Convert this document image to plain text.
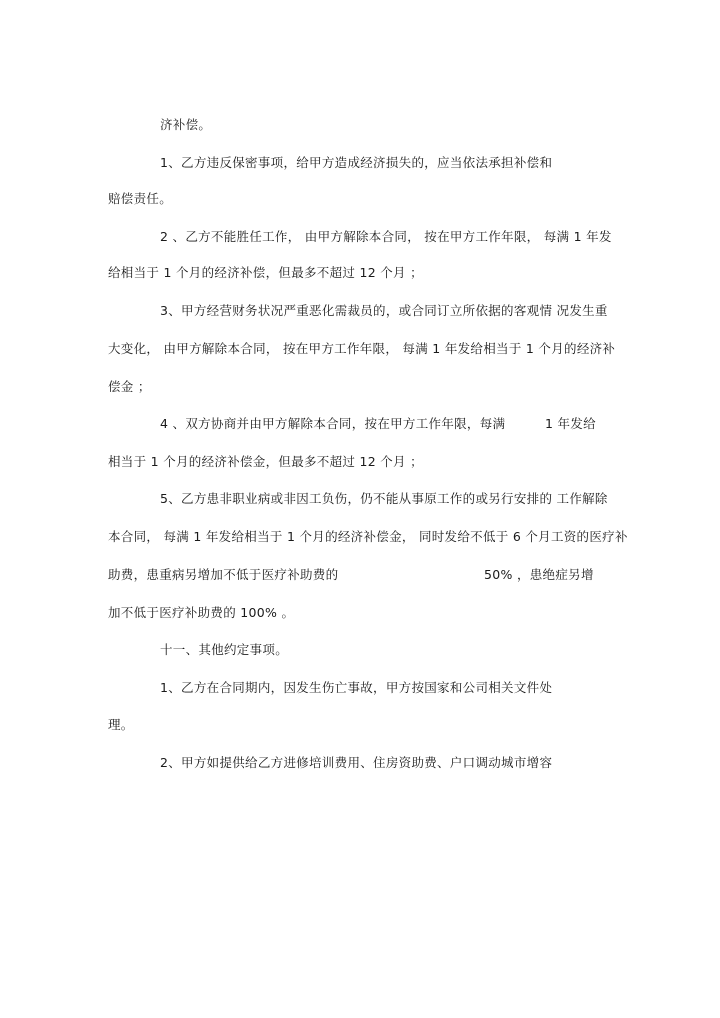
济补偿。
1、乙方违反保密事项，给甲方造成经济损失的，应当依法承担补偿和
赔偿责任。
2 、乙方不能胜任工作， 由甲方解除本合同， 按在甲方工作年限， 每满 1 年发
给相当于 1 个月的经济补偿，但最多不超过 12 个月 ；
3、甲方经营财务状况严重恶化需裁员的，或合同订立所依据的客观情 况发生重
大变化， 由甲方解除本合同， 按在甲方工作年限， 每满 1 年发给相当于 1 个月的经济补
偿金 ；
4 、双方协商并由甲方解除本合同，按在甲方工作年限，每满	1 年发给
相当于 1 个月的经济补偿金，但最多不超过 12 个月 ；
5、乙方患非职业病或非因工负伤，仍不能从事原工作的或另行安排的 工作解除
本合同， 每满 1 年发给相当于 1 个月的经济补偿金， 同时发给不低于 6 个月工资的医疗补
助费，患重病另增加不低于医疗补助费的	50% ，患绝症另增
加不低于医疗补助费的 100% 。
十一、其他约定事项。
1、乙方在合同期内，因发生伤亡事故，甲方按国家和公司相关文件处
理。
2、甲方如提供给乙方进修培训费用、住房资助费、户口调动城市增容
